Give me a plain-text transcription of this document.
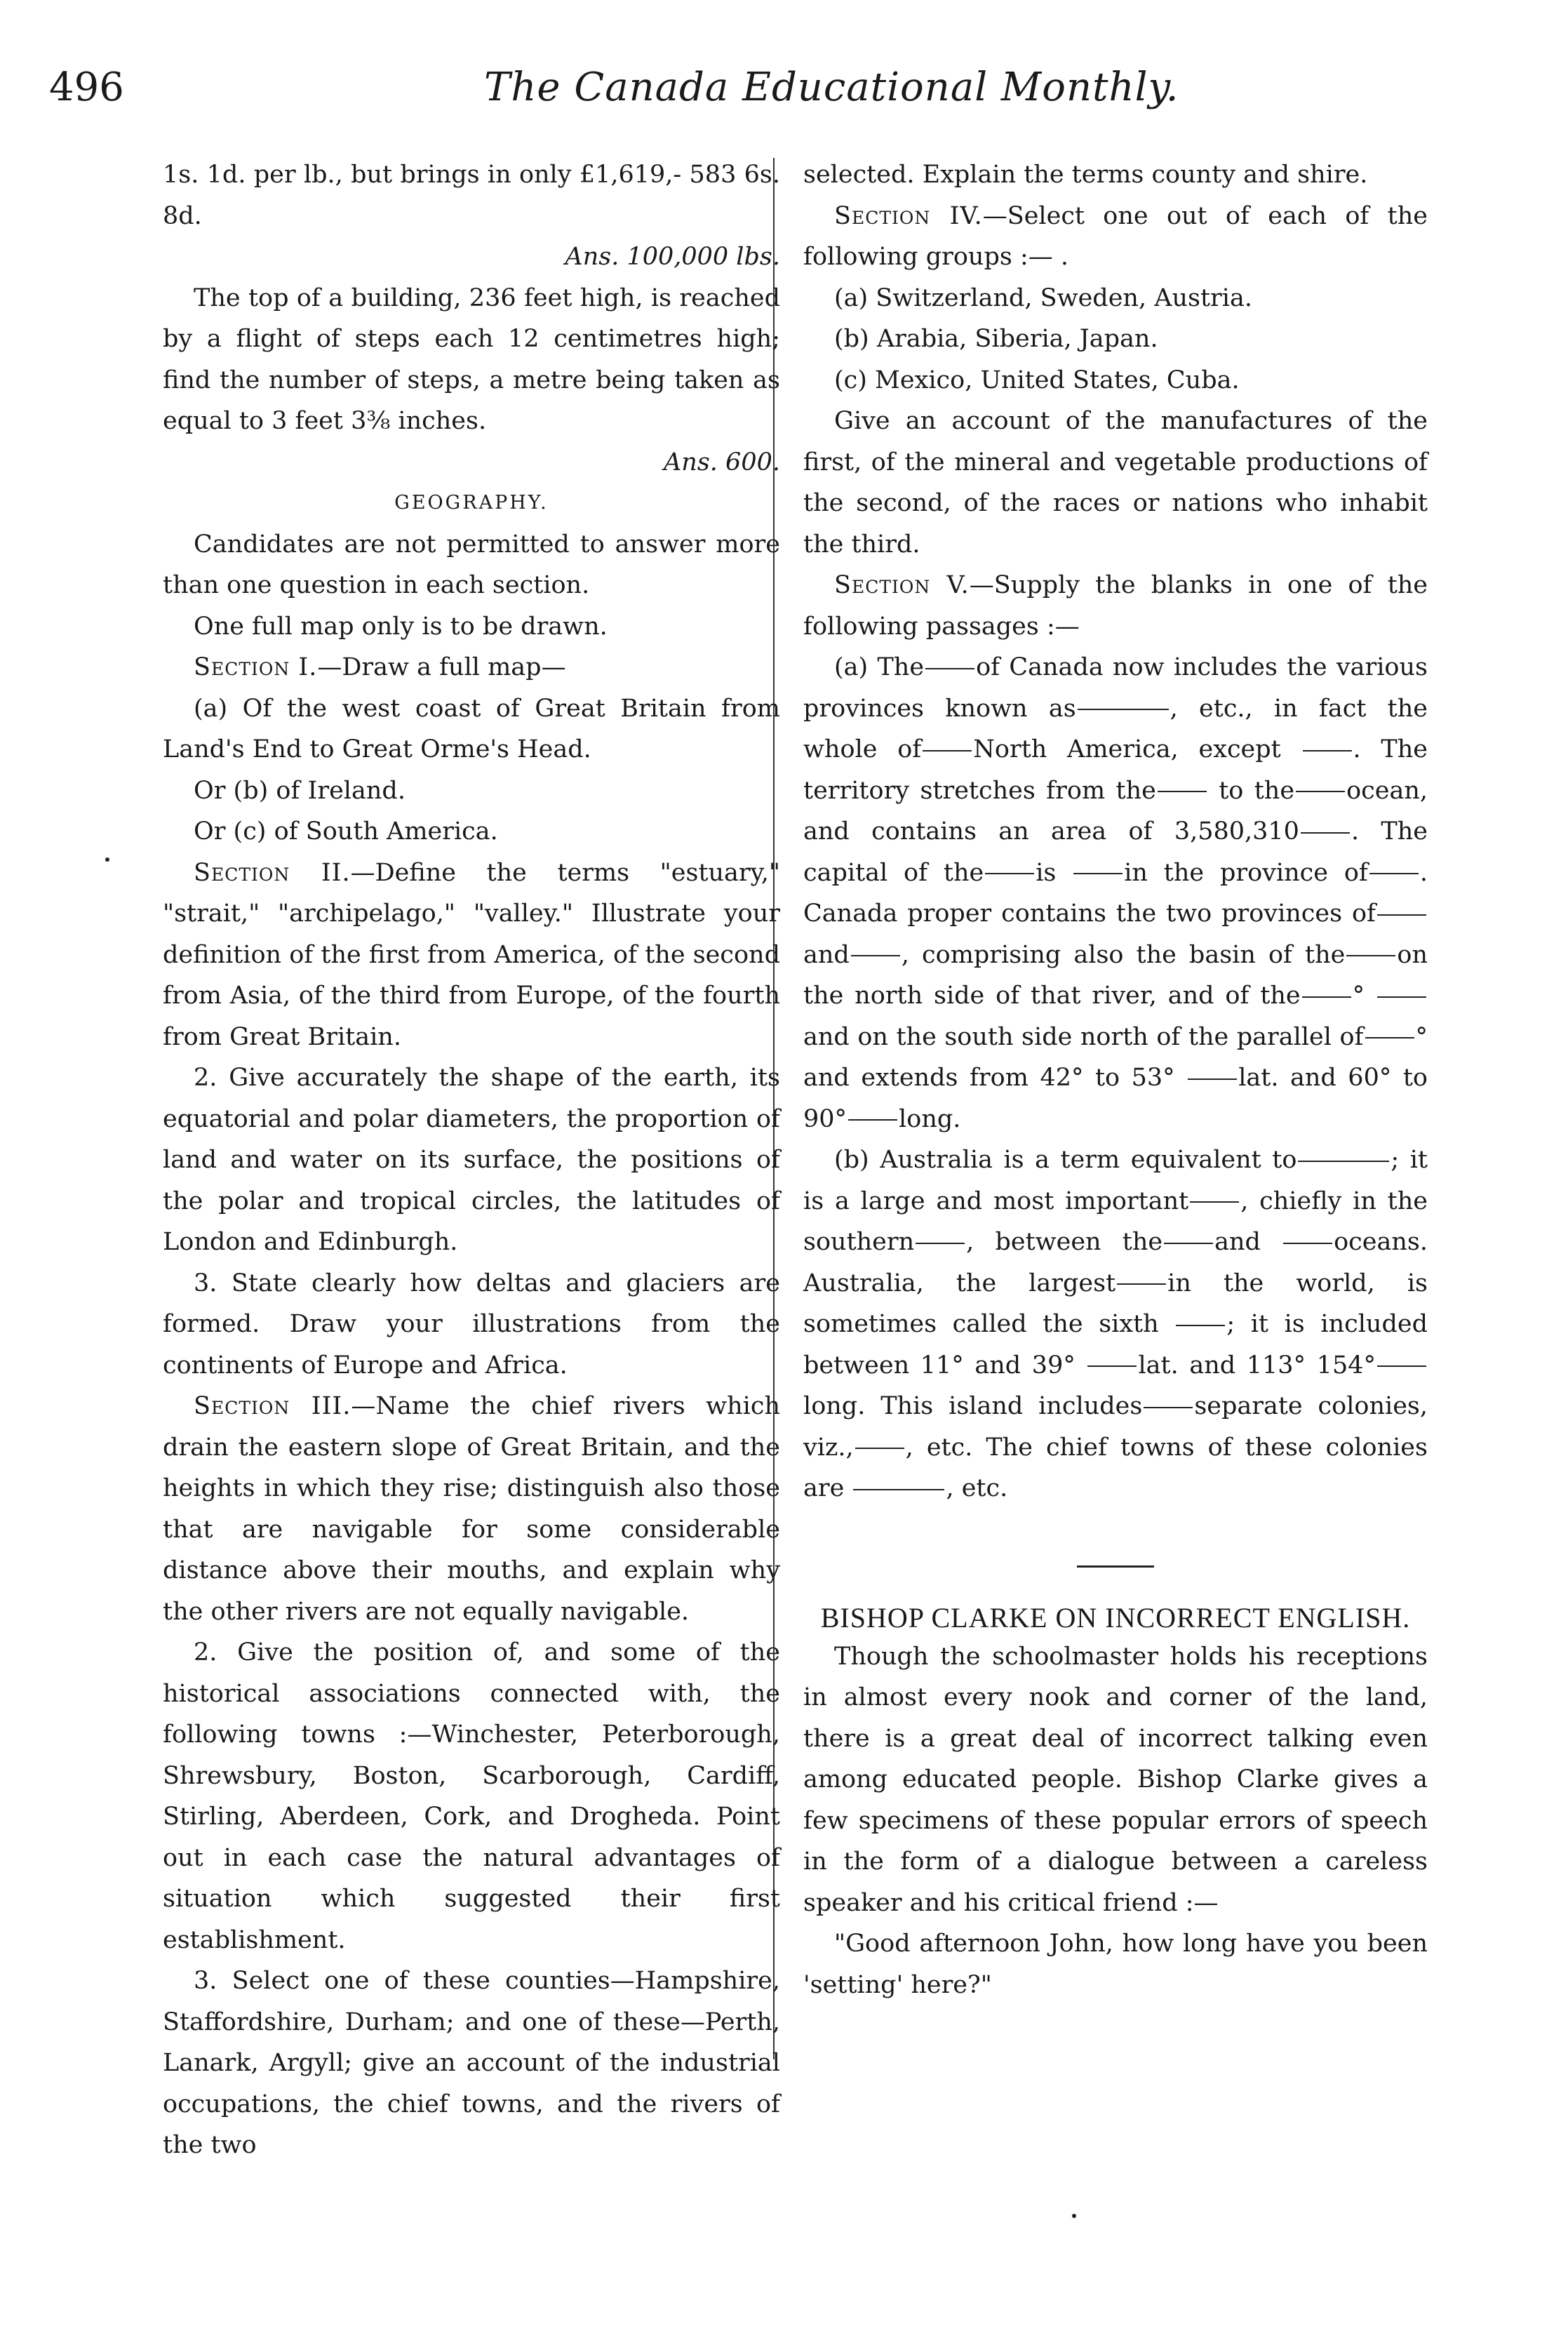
496	The Canada Educational Monthly.

1s. 1d. per lb., but brings in only £1,619,- 583 6s. 8d.

Ans. 100,000 lbs.

The top of a building, 236 feet high, is reached by a flight of steps each 12 centimetres high; find the number of steps, a metre being taken as equal to 3 feet 3⅜ inches.

Ans. 600.

GEOGRAPHY.

Candidates are not permitted to answer more than one question in each section.

One full map only is to be drawn.

Section I.—Draw a full map—

(a) Of the west coast of Great Britain from Land's End to Great Orme's Head.

Or (b) of Ireland.

Or (c) of South America.

Section II.—Define the terms "estuary," "strait," "archipelago," "valley." Illustrate your definition of the first from America, of the second from Asia, of the third from Europe, of the fourth from Great Britain.

2. Give accurately the shape of the earth, its equatorial and polar diameters, the proportion of land and water on its surface, the positions of the polar and tropical circles, the latitudes of London and Edinburgh.

3. State clearly how deltas and glaciers are formed. Draw your illustrations from the continents of Europe and Africa.

Section III.—Name the chief rivers which drain the eastern slope of Great Britain, and the heights in which they rise; distinguish also those that are navigable for some considerable distance above their mouths, and explain why the other rivers are not equally navigable.

2. Give the position of, and some of the historical associations connected with, the following towns :—Winchester, Peterborough, Shrewsbury, Boston, Scarborough, Cardiff, Stirling, Aberdeen, Cork, and Drogheda. Point out in each case the natural advantages of situation which suggested their first establishment.

3. Select one of these counties—Hampshire, Staffordshire, Durham; and one of these—Perth, Lanark, Argyll; give an account of the industrial occupations, the chief towns, and the rivers of the two

selected. Explain the terms county and shire.

Section IV.—Select one out of each of the following groups :— .

(a) Switzerland, Sweden, Austria.

(b) Arabia, Siberia, Japan.

(c) Mexico, United States, Cuba.

Give an account of the manufactures of the first, of the mineral and vegetable productions of the second, of the races or nations who inhabit the third.

Section V.—Supply the blanks in one of the following passages :—

(a) The of Canada now includes the various provinces known as	, etc., in fact the whole of North America, except	. The territory stretches from the	to the ocean, and contains an area of 3,580,310 . The capital of the is	in the province of . Canada proper contains the two provinces ofand , comprising also the basin of the on the north side of that river, and of the ° and on the south side north of the parallel of ° and extends from 42° to 53°	lat. and 60° to 90° long.

(b) Australia is a term equivalent to	; it is a large and most important , chiefly in the southern , between the and	oceans. Australia, the largest in the world, is sometimes called the sixth	; it is included between 11° and 39°	lat. and 113° 154°long. This island includes separate colonies, viz., , etc. The chief towns of these colonies are	, etc.

BISHOP CLARKE ON INCORRECT ENGLISH.

Though the schoolmaster holds his receptions in almost every nook and corner of the land, there is a great deal of incorrect talking even among educated people. Bishop Clarke gives a few specimens of these popular errors of speech in the form of a dialogue between a careless speaker and his critical friend :—

"Good afternoon John, how long have you been 'setting' here?"
